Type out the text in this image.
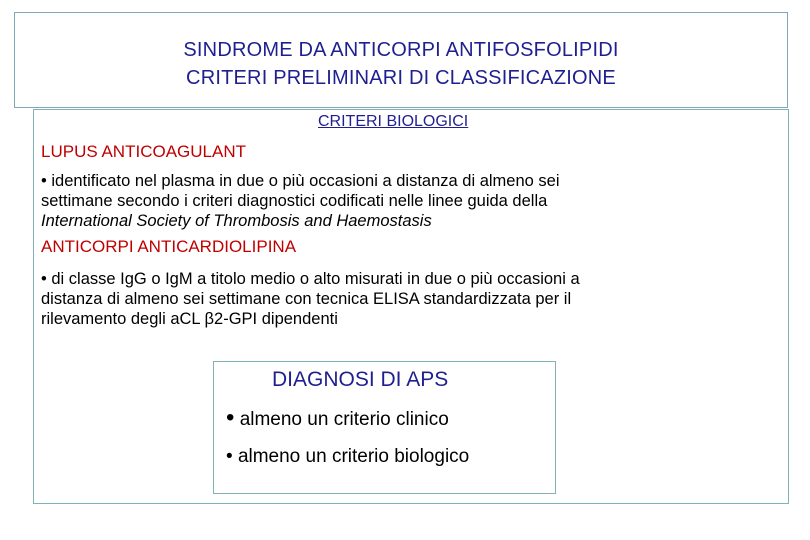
SINDROME DA ANTICORPI ANTIFOSFOLIPIDI
CRITERI PRELIMINARI DI CLASSIFICAZIONE
CRITERI BIOLOGICI
LUPUS ANTICOAGULANT
• identificato nel plasma in due o più occasioni a distanza di almeno sei
settimane secondo i criteri diagnostici codificati nelle linee guida della
International Society of Thrombosis and Haemostasis
ANTICORPI ANTICARDIOLIPINA
• di classe IgG o IgM a titolo medio o alto misurati in due o più occasioni a
distanza di almeno sei settimane con tecnica ELISA standardizzata per il
rilevamento degli aCL β2-GPI dipendenti
DIAGNOSI DI APS
• almeno un criterio clinico
• almeno un criterio biologico
